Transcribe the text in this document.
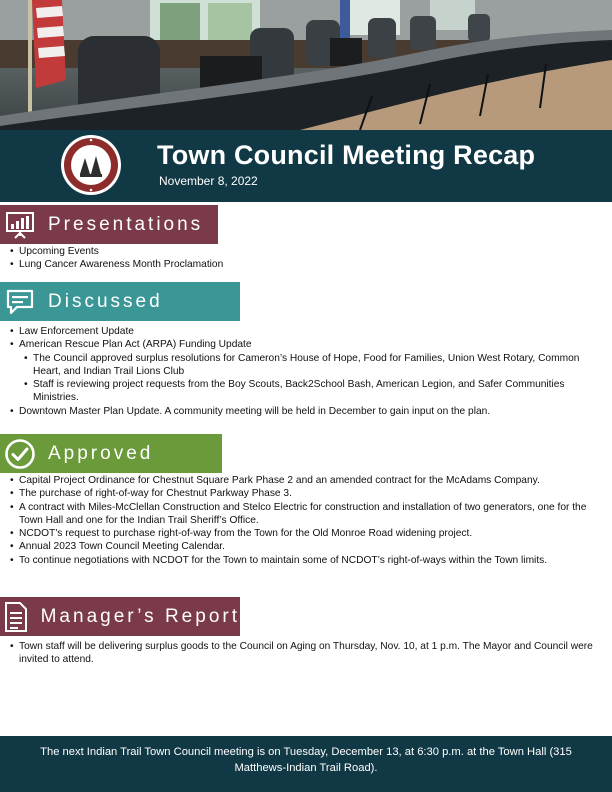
Town Council Meeting Recap
November 8, 2022
Presentations
• Upcoming Events
• Lung Cancer Awareness Month Proclamation
Discussed
• Law Enforcement Update
• American Rescue Plan Act (ARPA) Funding Update
• The Council approved surplus resolutions for Cameron’s House of Hope, Food for Families, Union West Rotary, Common Heart, and Indian Trail Lions Club
• Staff is reviewing project requests from the Boy Scouts, Back2School Bash, American Legion, and Safer Communities Ministries.
• Downtown Master Plan Update. A community meeting will be held in December to gain input on the plan.
Approved
• Capital Project Ordinance for Chestnut Square Park Phase 2 and an amended contract for the McAdams Company.
• The purchase of right-of-way for Chestnut Parkway Phase 3.
• A contract with Miles-McClellan Construction and Stelco Electric for construction and installation of two generators, one for the Town Hall and one for the Indian Trail Sheriff’s Office.
• NCDOT’s request to purchase right-of-way from the Town for the Old Monroe Road widening project.
• Annual 2023 Town Council Meeting Calendar.
• To continue negotiations with NCDOT for the Town to maintain some of NCDOT’s right-of-ways within the Town limits.
Manager’s Report
• Town staff will be delivering surplus goods to the Council on Aging on Thursday, Nov. 10, at 1 p.m. The Mayor and Council were invited to attend.
The next Indian Trail Town Council meeting is on Tuesday, December 13, at 6:30 p.m. at the Town Hall (315 Matthews-Indian Trail Road).
